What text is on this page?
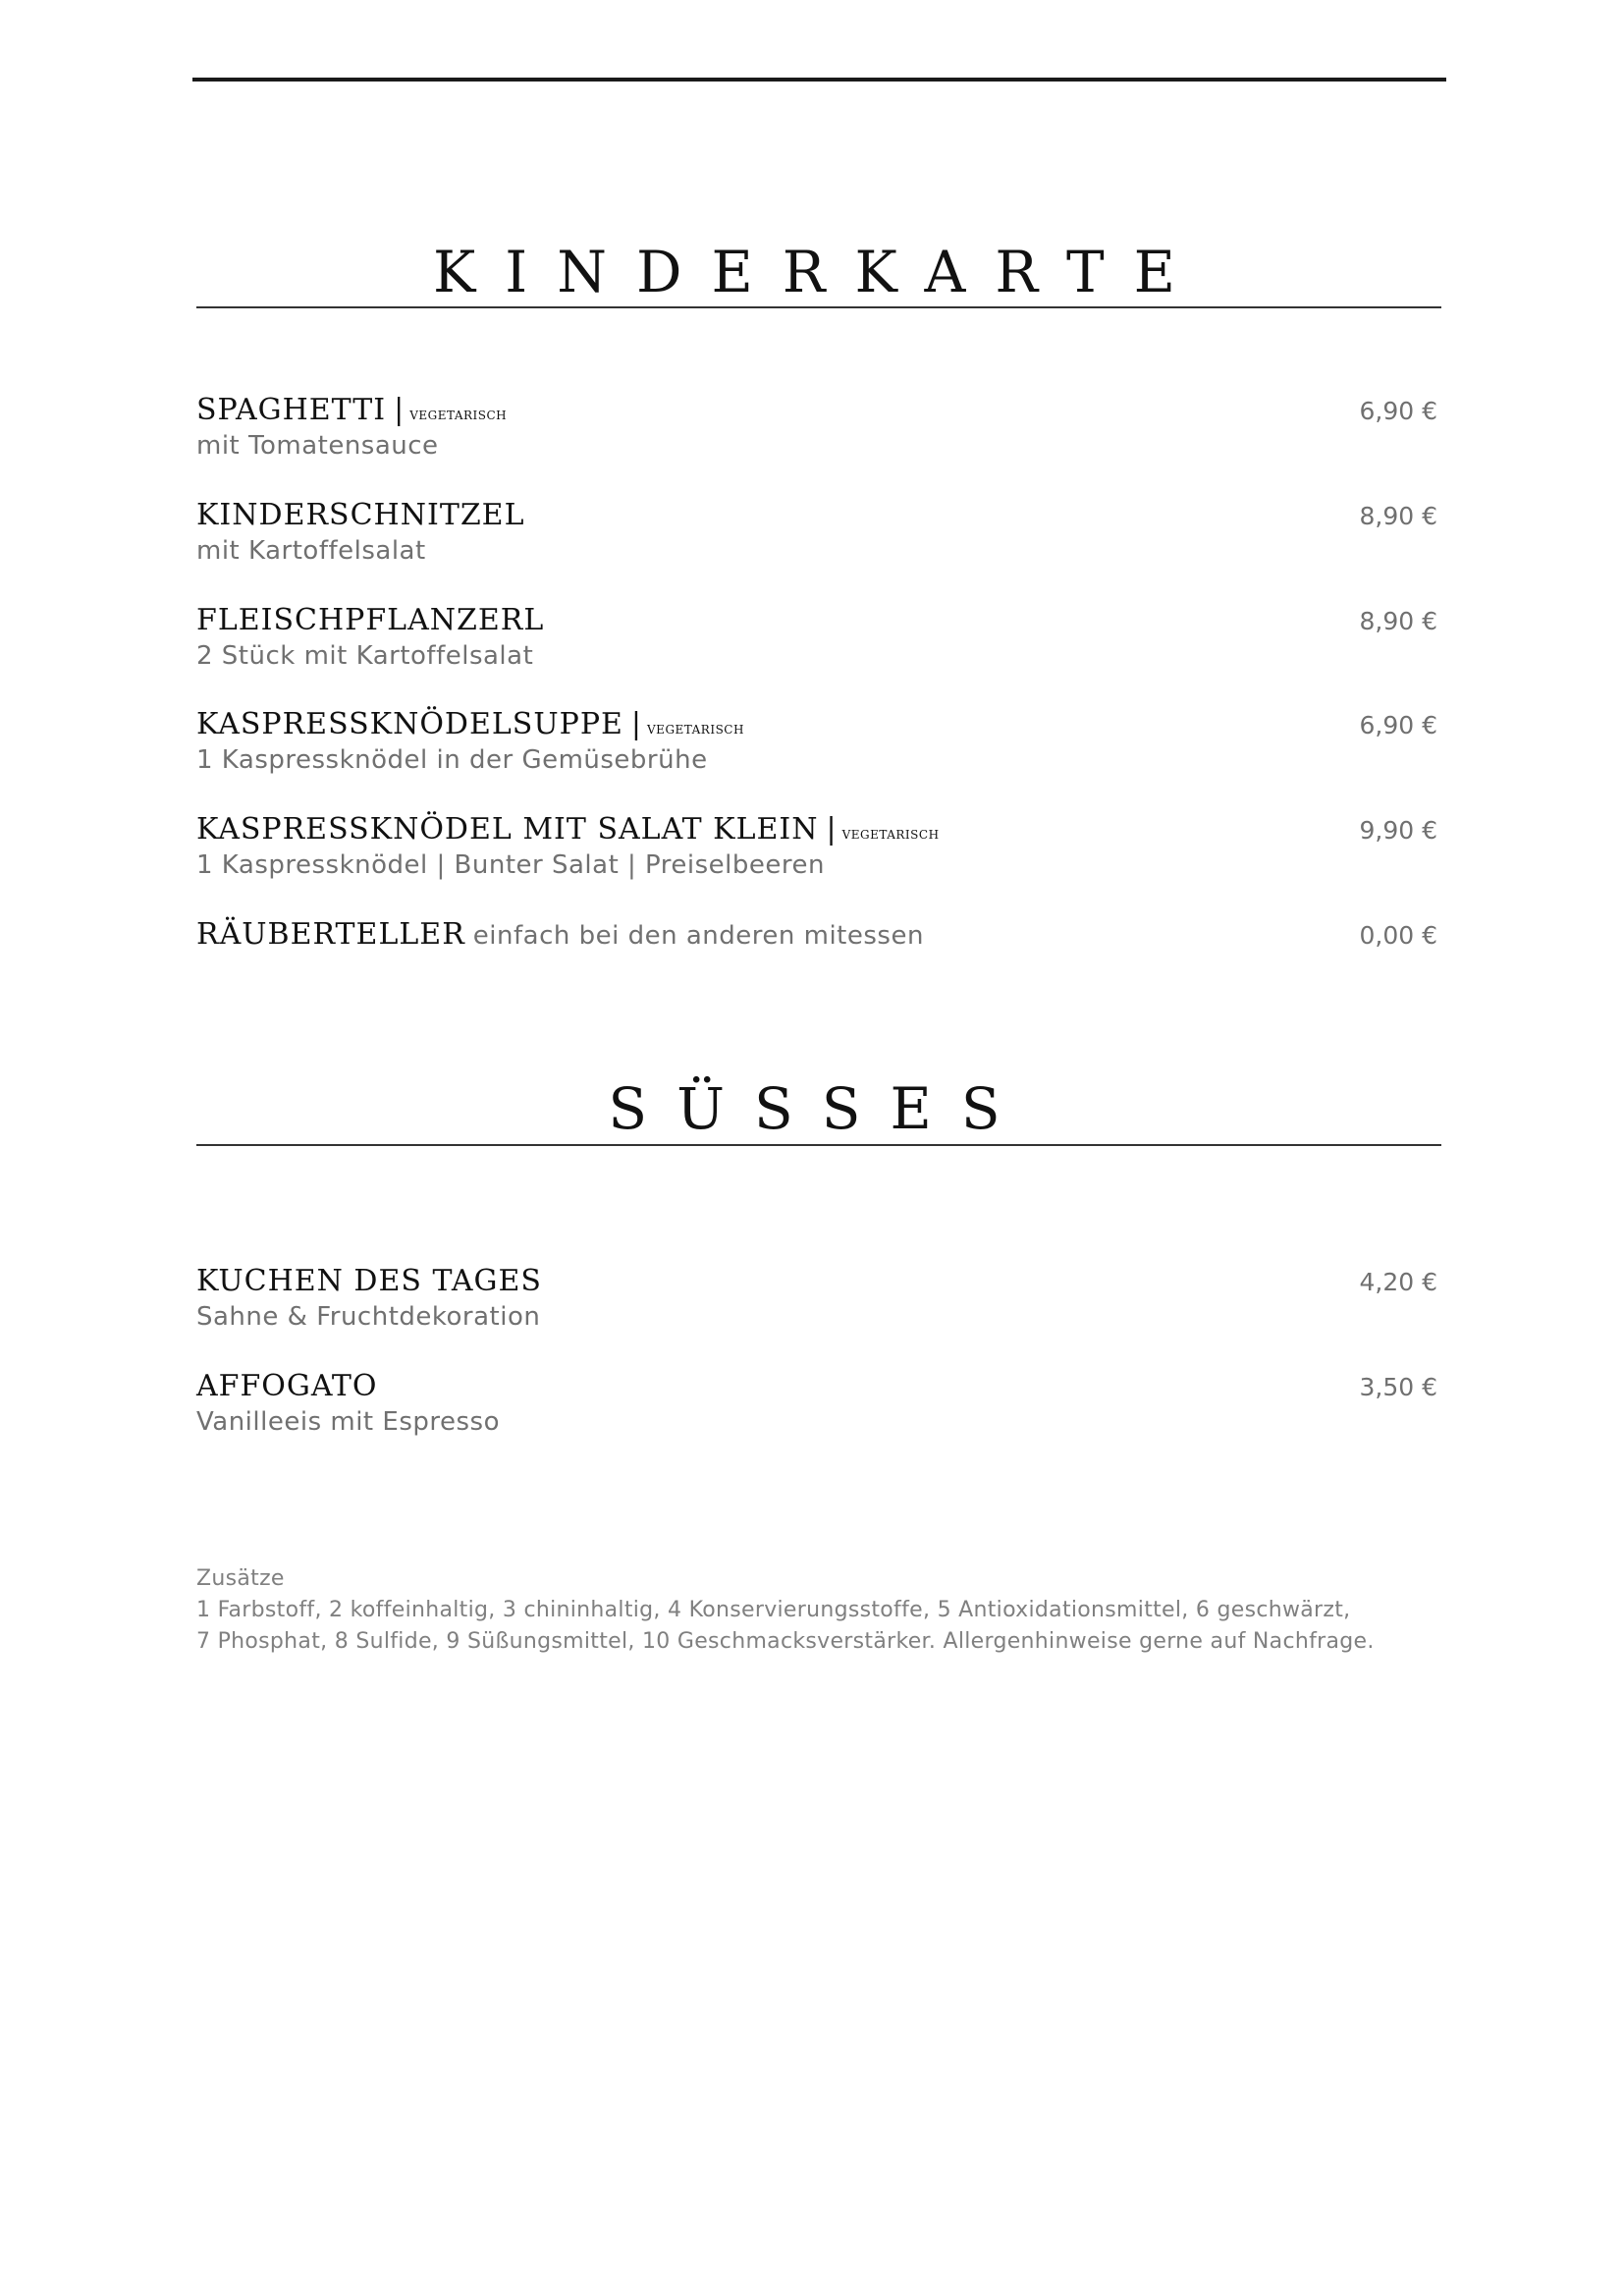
KINDERKARTE
SPAGHETTI | VEGETARISCH	6,90 €
mit Tomatensauce
KINDERSCHNITZEL	8,90 €
mit Kartoffelsalat
FLEISCHPFLANZERL	8,90 €
2 Stück mit Kartoffelsalat
KASPRESSKNÖDELSUPPE | VEGETARISCH	6,90 €
1 Kaspressknödel in der Gemüsebrühe
KASPRESSKNÖDEL MIT SALAT KLEIN | VEGETARISCH	9,90 €
1 Kaspressknödel | Bunter Salat | Preiselbeeren
RÄUBERTELLER einfach bei den anderen mitessen	0,00 €
SÜSSES
KUCHEN DES TAGES	4,20 €
Sahne & Fruchtdekoration
AFFOGATO	3,50 €
Vanilleeis mit Espresso
Zusätze
1 Farbstoff, 2 koffeinhaltig, 3 chininhaltig, 4 Konservierungsstoffe, 5 Antioxidationsmittel, 6 geschwärzt,
7 Phosphat, 8 Sulfide, 9 Süßungsmittel, 10 Geschmacksverstärker. Allergenhinweise gerne auf Nachfrage.
